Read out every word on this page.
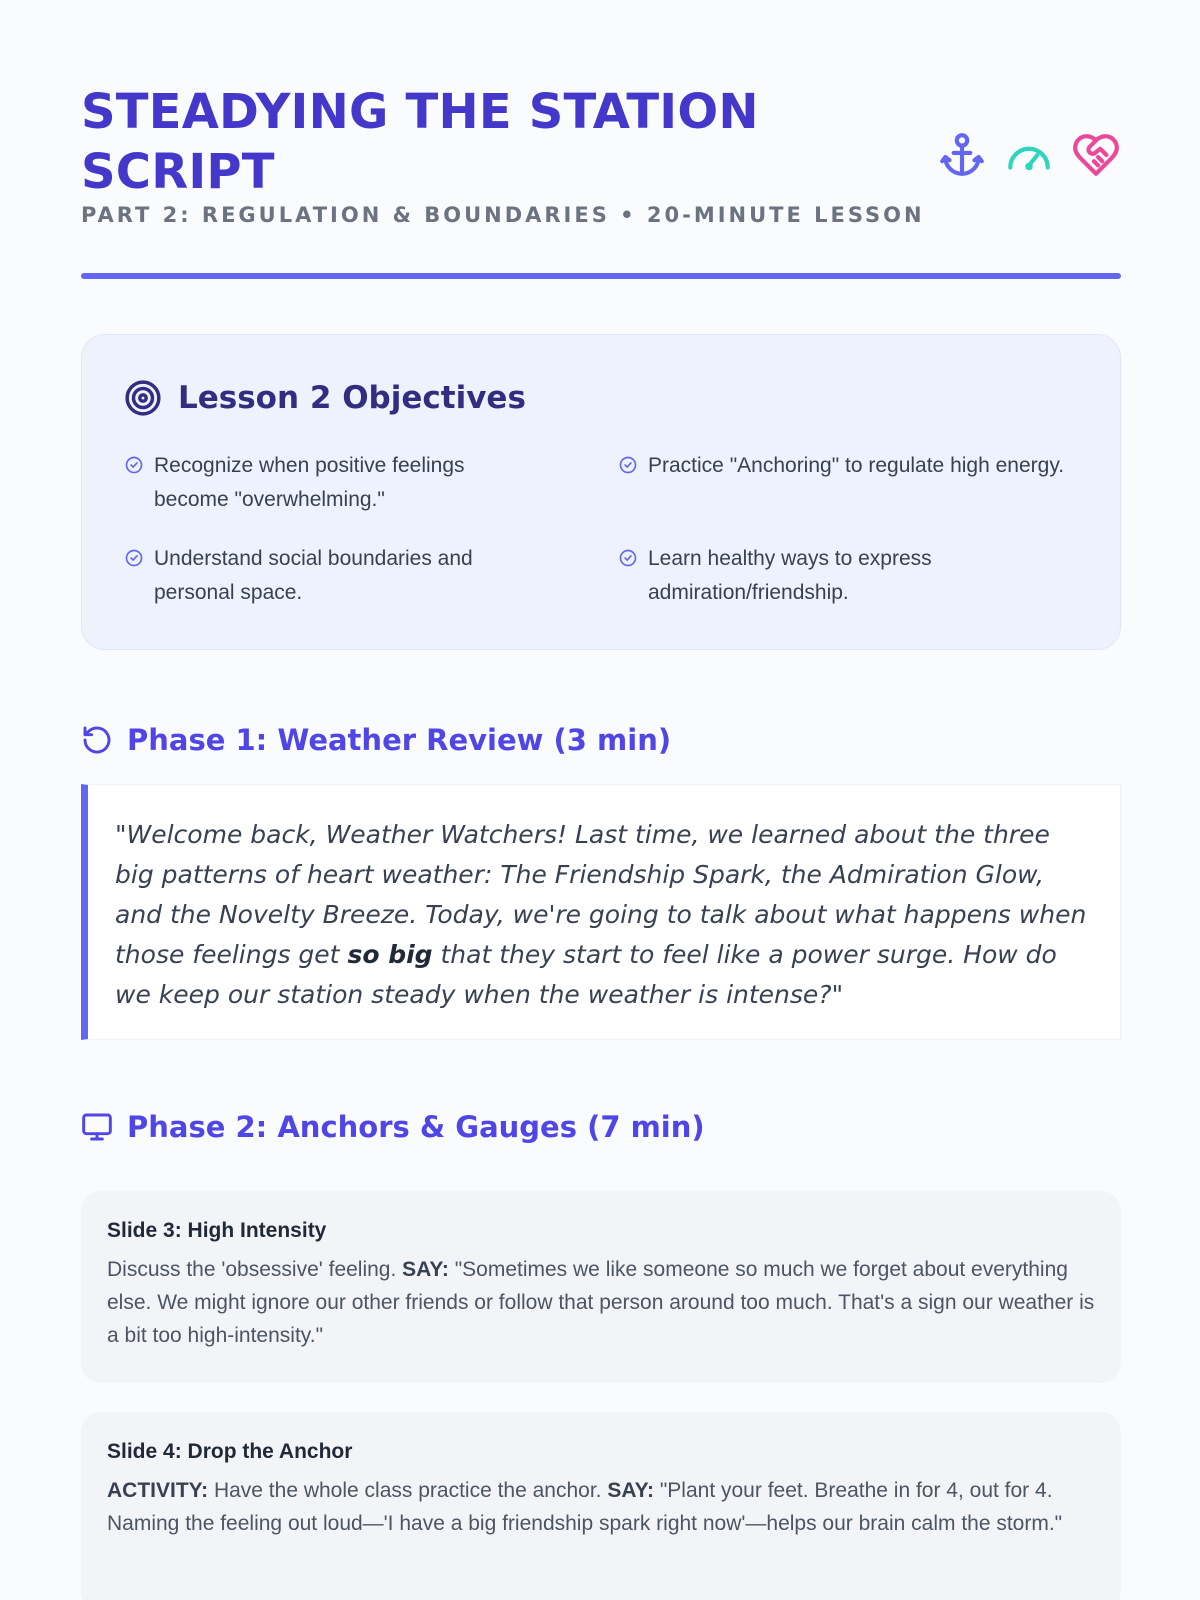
STEADYING THE STATION SCRIPT
PART 2: REGULATION & BOUNDARIES • 20-MINUTE LESSON
Lesson 2 Objectives
Recognize when positive feelings become "overwhelming."
Practice "Anchoring" to regulate high energy.
Understand social boundaries and personal space.
Learn healthy ways to express admiration/friendship.
Phase 1: Weather Review (3 min)

"Welcome back, Weather Watchers! Last time, we learned about the three big patterns of heart weather: The Friendship Spark, the Admiration Glow, and the Novelty Breeze. Today, we're going to talk about what happens when those feelings get so big that they start to feel like a power surge. How do we keep our station steady when the weather is intense?"

Phase 2: Anchors & Gauges (7 min)
Slide 3: High Intensity
Discuss the 'obsessive' feeling. SAY: "Sometimes we like someone so much we forget about everything else. We might ignore our other friends or follow that person around too much. That's a sign our weather is a bit too high-intensity."
Slide 4: Drop the Anchor
ACTIVITY: Have the whole class practice the anchor. SAY: "Plant your feet. Breathe in for 4, out for 4. Naming the feeling out loud—'I have a big friendship spark right now'—helps our brain calm the storm."
